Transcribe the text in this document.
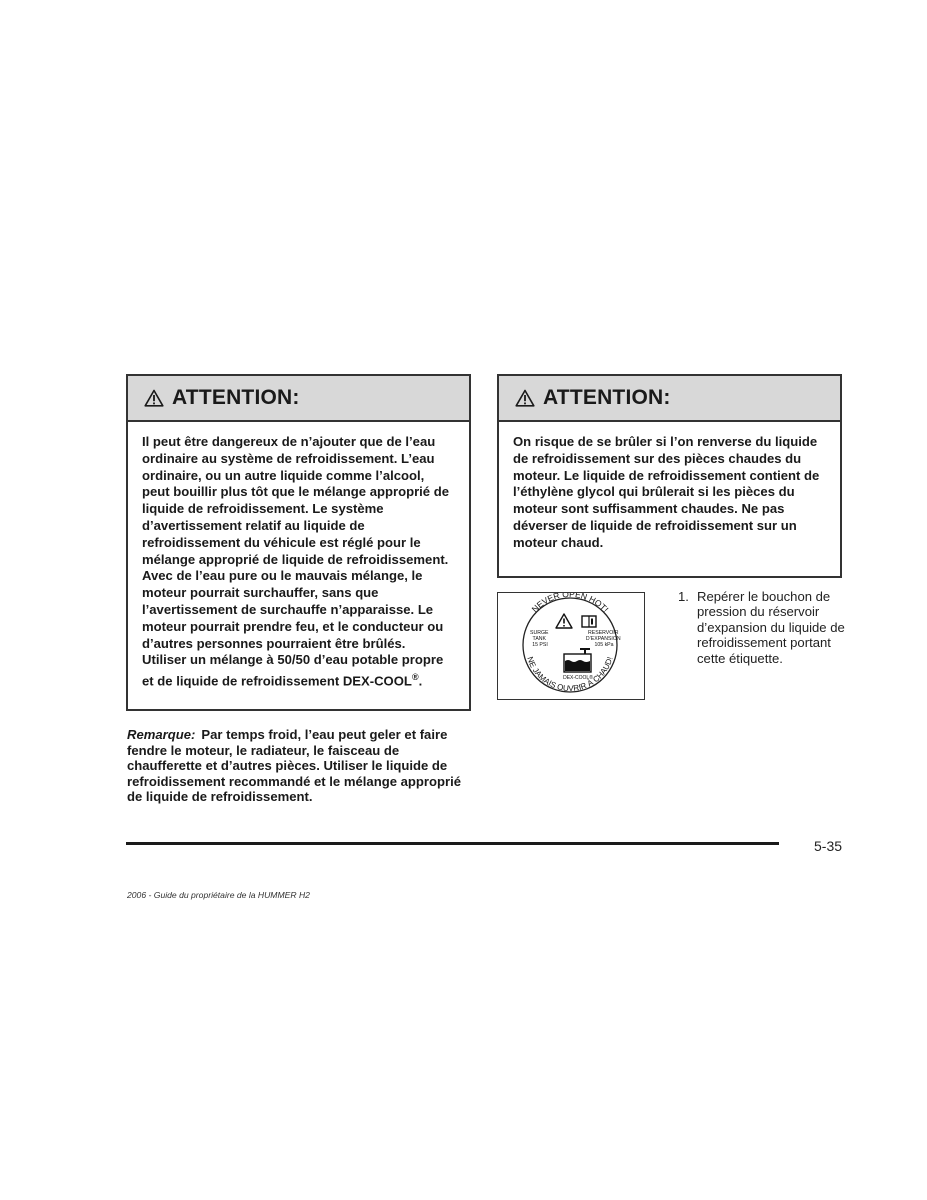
ATTENTION:

Il peut être dangereux de n’ajouter que de l’eau ordinaire au système de refroidissement. L’eau ordinaire, ou un autre liquide comme l’alcool, peut bouillir plus tôt que le mélange approprié de liquide de refroidissement. Le système d’avertissement relatif au liquide de refroidissement du véhicule est réglé pour le mélange approprié de liquide de refroidissement. Avec de l’eau pure ou le mauvais mélange, le moteur pourrait surchauffer, sans que l’avertissement de surchauffe n’apparaisse. Le moteur pourrait prendre feu, et le conducteur ou d’autres personnes pourraient être brûlés. Utiliser un mélange à 50/50 d’eau potable propre et de liquide de refroidissement DEX-COOL®.

ATTENTION:

On risque de se brûler si l’on renverse du liquide de refroidissement sur des pièces chaudes du moteur. Le liquide de refroidissement contient de l’éthylène glycol qui brûlerait si les pièces du moteur sont suffisamment chaudes. Ne pas déverser de liquide de refroidissement sur un moteur chaud.

Remarque: Par temps froid, l’eau peut geler et faire fendre le moteur, le radiateur, le faisceau de chaufferette et d’autres pièces. Utiliser le liquide de refroidissement recommandé et le mélange approprié de liquide de refroidissement.
NEVER OPEN HOT!
NE JAMAIS OUVRIR À CHAUD!
SURGE TANK 15 PSI
RESERVOIR D’EXPANSION 105 kPa
DEX-COOL®
1. Repérer le bouchon de pression du réservoir d’expansion du liquide de refroidissement portant cette étiquette.
5-35
2006 - Guide du propriétaire de la HUMMER H2
